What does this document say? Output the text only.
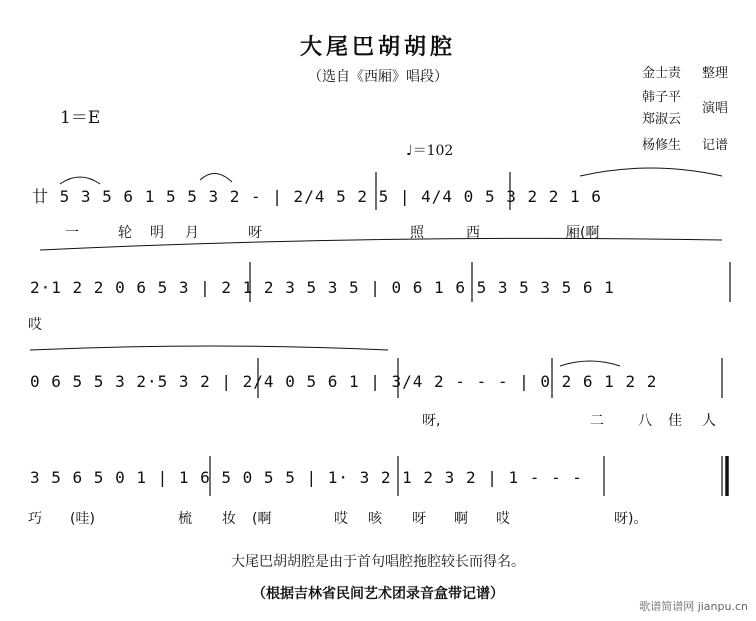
大尾巴胡胡腔
（选自《西厢》唱段）	金士责 整理
韩子平
郑淑云
演唱
杨修生 记谱
1＝E
♩＝102
廿 5 3 5 6 1 5 5 3 2 - | 2/4 5 2 5 | 4/4 0 5 3 2 2 1 6
一	轮 明 月	呀	照	西	厢(啊
2·1 2 2 0 6 5 3 | 2 1 2 3 5 3 5 | 0 6 1 6 5 3 5 3 5 6 1
哎
0 6 5 5 3 2·5 3 2 | 2/4 0 5 6 1 | 3/4 2 - - - | 0 2 6 1 2 2
呀,	二 八 佳 人
3 5 6 5 0 1 | 1 6 5 0 5 5 | 1· 3 2 1 2 3 2 | 1 - - -
巧 (哇)	梳 妆 (啊	哎 咳 呀 啊 哎	呀)。
大尾巴胡胡腔是由于首句唱腔拖腔较长而得名。
（根据吉林省民间艺术团录音盒带记谱）
歌谱简谱网 jianpu.cn
